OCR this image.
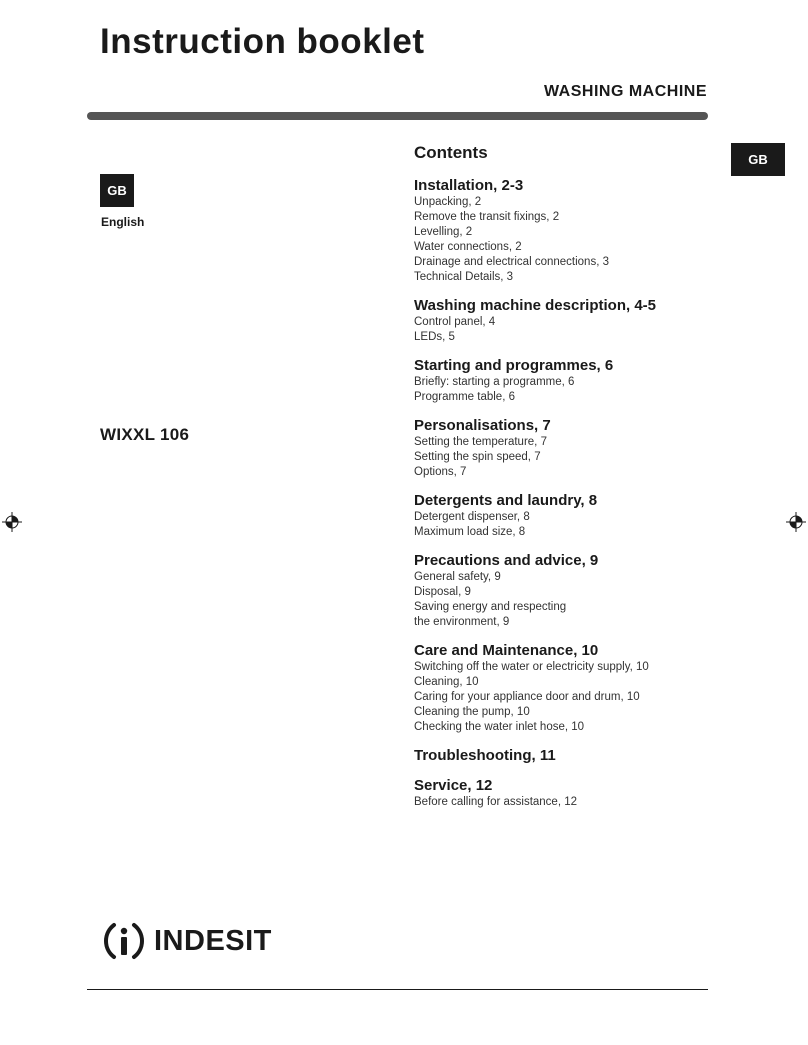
Instruction booklet
WASHING MACHINE
GB
English
GB
WIXXL 106
Contents
Installation, 2-3
Unpacking, 2
Remove the transit fixings, 2
Levelling, 2
Water connections, 2
Drainage and electrical connections, 3
Technical Details, 3
Washing machine description, 4-5
Control panel, 4
LEDs, 5
Starting and programmes, 6
Briefly: starting a programme, 6
Programme table, 6
Personalisations, 7
Setting the temperature, 7
Setting the spin speed, 7
Options, 7
Detergents and laundry, 8
Detergent dispenser, 8
Maximum load size, 8
Precautions and advice, 9
General safety, 9
Disposal, 9
Saving energy and respecting
the environment, 9
Care and Maintenance, 10
Switching off the water or electricity supply, 10
Cleaning, 10
Caring for your appliance door and drum, 10
Cleaning the pump, 10
Checking the water inlet hose, 10
Troubleshooting, 11
Service, 12
Before calling for assistance, 12
INDESIT
